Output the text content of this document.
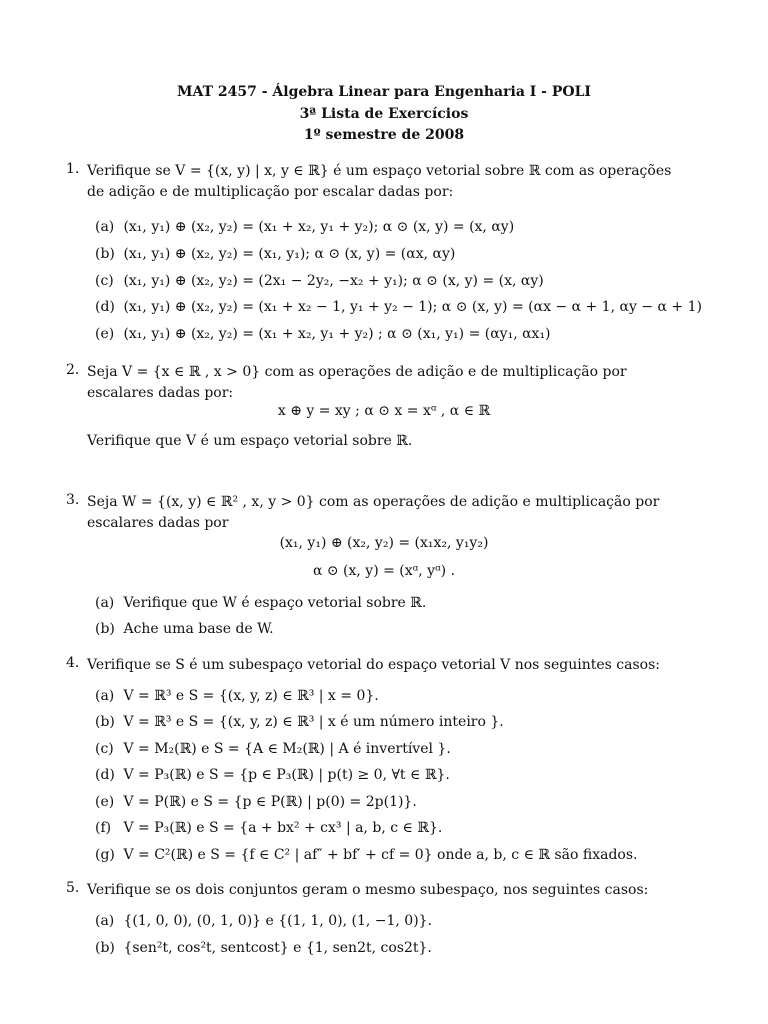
MAT 2457 - Álgebra Linear para Engenharia I - POLI
3ª Lista de Exercícios
1º semestre de 2008
1. Verifique se V = {(x, y) | x, y ∈ ℝ} é um espaço vetorial sobre ℝ com as operações de adição e de multiplicação por escalar dadas por:
(a) (x₁, y₁) ⊕ (x₂, y₂) = (x₁ + x₂, y₁ + y₂); α ⊙ (x, y) = (x, αy)
(b) (x₁, y₁) ⊕ (x₂, y₂) = (x₁, y₁); α ⊙ (x, y) = (αx, αy)
(c) (x₁, y₁) ⊕ (x₂, y₂) = (2x₁ − 2y₂, −x₂ + y₁); α ⊙ (x, y) = (x, αy)
(d) (x₁, y₁) ⊕ (x₂, y₂) = (x₁ + x₂ − 1, y₁ + y₂ − 1); α ⊙ (x, y) = (αx − α + 1, αy − α + 1)
(e) (x₁, y₁) ⊕ (x₂, y₂) = (x₁ + x₂, y₁ + y₂) ; α ⊙ (x₁, y₁) = (αy₁, αx₁)
2. Seja V = {x ∈ ℝ , x > 0} com as operações de adição e de multiplicação por escalares dadas por:
x ⊕ y = xy ; α ⊙ x = xᵅ , α ∈ ℝ
Verifique que V é um espaço vetorial sobre ℝ.
3. Seja W = {(x, y) ∈ ℝ² , x, y > 0} com as operações de adição e multiplicação por escalares dadas por
(x₁, y₁) ⊕ (x₂, y₂) = (x₁x₂, y₁y₂)
α ⊙ (x, y) = (xᵅ, yᵅ) .
(a) Verifique que W é espaço vetorial sobre ℝ.
(b) Ache uma base de W.
4. Verifique se S é um subespaço vetorial do espaço vetorial V nos seguintes casos:
(a) V = ℝ³ e S = {(x, y, z) ∈ ℝ³ | x = 0}.
(b) V = ℝ³ e S = {(x, y, z) ∈ ℝ³ | x é um número inteiro }.
(c) V = M₂(ℝ) e S = {A ∈ M₂(ℝ) | A é invertível }.
(d) V = P₃(ℝ) e S = {p ∈ P₃(ℝ) | p(t) ≥ 0, ∀t ∈ ℝ}.
(e) V = P(ℝ) e S = {p ∈ P(ℝ) | p(0) = 2p(1)}.
(f) V = P₃(ℝ) e S = {a + bx² + cx³ | a, b, c ∈ ℝ}.
(g) V = C²(ℝ) e S = {f ∈ C² | af″ + bf′ + cf = 0} onde a, b, c ∈ ℝ são fixados.
5. Verifique se os dois conjuntos geram o mesmo subespaço, nos seguintes casos:
(a) {(1, 0, 0), (0, 1, 0)} e {(1, 1, 0), (1, −1, 0)}.
(b) {sen²t, cos²t, sentcost} e {1, sen2t, cos2t}.
